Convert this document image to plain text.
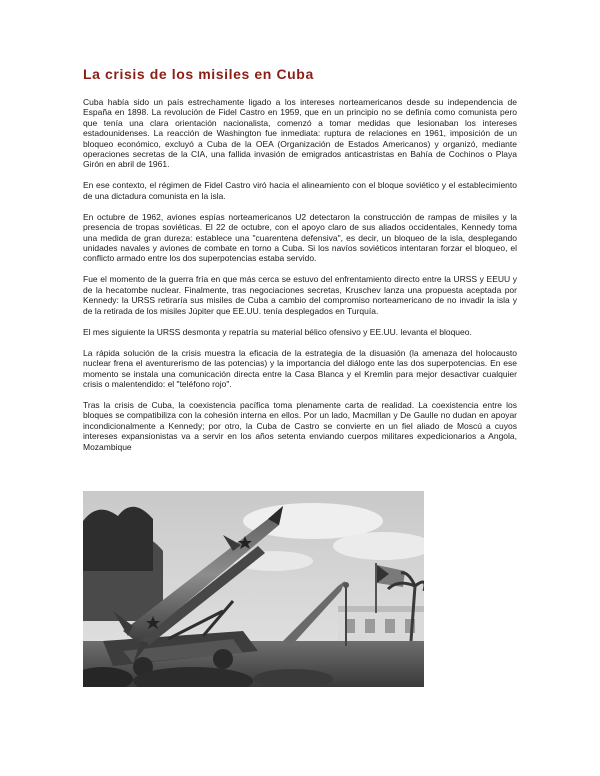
La crisis de los misiles en Cuba

Cuba había sido un país estrechamente ligado a los intereses norteamericanos desde su independencia de España en 1898. La revolución de Fidel Castro en 1959, que en un principio no se definía como comunista pero que tenía una clara orientación nacionalista, comenzó a tomar medidas que lesionaban los intereses estadounidenses. La reacción de Washington fue inmediata: ruptura de relaciones en 1961, imposición de un bloqueo económico, excluyó a Cuba de la OEA (Organización de Estados Americanos) y organizó, mediante operaciones secretas de la CIA, una fallida invasión de emigrados anticastristas en Bahía de Cochinos o Playa Girón en abril de 1961.

En ese contexto, el régimen de Fidel Castro viró hacia el alineamiento con el bloque soviético y el establecimiento de una dictadura comunista en la isla.

En octubre de 1962, aviones espías norteamericanos U2 detectaron la construcción de rampas de misiles y la presencia de tropas soviéticas. El 22 de octubre, con el apoyo claro de sus aliados occidentales, Kennedy toma una medida de gran dureza: establece una "cuarentena defensiva", es decir, un bloqueo de la isla, desplegando unidades navales y aviones de combate en torno a Cuba. Si los navíos soviéticos intentaran forzar el bloqueo, el conflicto armado entre los dos superpotencias estaba servido.

Fue el momento de la guerra fría en que más cerca se estuvo del enfrentamiento directo entre la URSS y EEUU y de la hecatombe nuclear. Finalmente, tras negociaciones secretas, Kruschev lanza una propuesta aceptada por Kennedy: la URSS retiraría sus misiles de Cuba a cambio del compromiso norteamericano de no invadir la isla y de la retirada de los misiles Júpiter que EE.UU. tenía desplegados en Turquía.

El mes siguiente la URSS desmonta y repatría su material bélico ofensivo y EE.UU. levanta el bloqueo.

La rápida solución de la crisis muestra la eficacia de la estrategia de la disuasión (la amenaza del holocausto nuclear frena el aventurerismo de las potencias) y la importancia del diálogo ente las dos superpotencias. En ese momento se instala una comunicación directa entre la Casa Blanca y el Kremlin para mejor desactivar cualquier crisis o malentendido: el "teléfono rojo".

Tras la crisis de Cuba, la coexistencia pacífica toma plenamente carta de realidad. La coexistencia entre los bloques se compatibiliza con la cohesión interna en ellos. Por un lado, Macmillan y De Gaulle no dudan en apoyar incondicionalmente a Kennedy; por otro, la Cuba de Castro se convierte en un fiel aliado de Moscú a cuyos intereses expansionistas va a servir en los años setenta enviando cuerpos militares expedicionarios a Angola, Mozambique
